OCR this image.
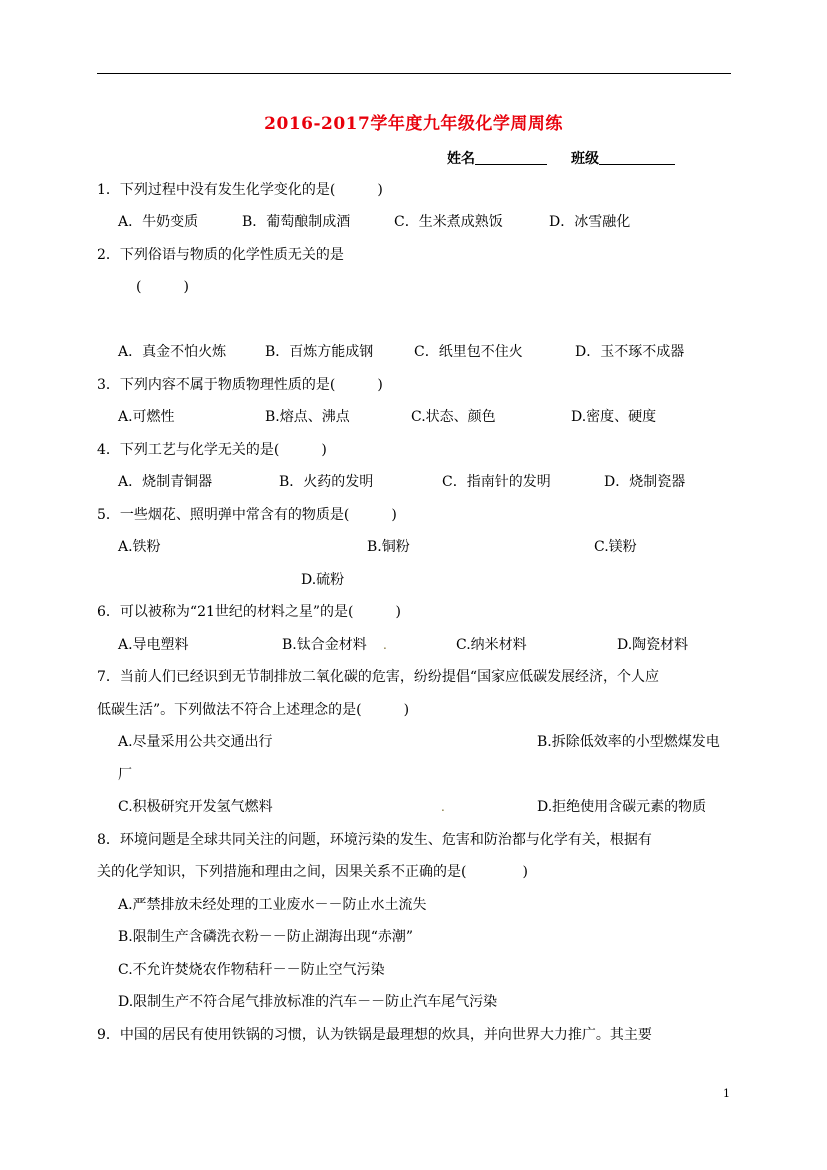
2016-2017学年度九年级化学周周练
姓名	班级
1．下列过程中没有发生化学变化的是(　　　)
A．牛奶变质	B．葡萄酿制成酒	C．生米煮成熟饭	D．冰雪融化
2．下列俗语与物质的化学性质无关的是
(　　　)
A．真金不怕火炼	B．百炼方能成钢	C．纸里包不住火	D．玉不琢不成器
3．下列内容不属于物质物理性质的是(　　　)
A.可燃性	B.熔点、沸点	C.状态、颜色	D.密度、硬度
4．下列工艺与化学无关的是(　　　)
A．烧制青铜器	B．火药的发明	C．指南针的发明	D．烧制瓷器
5．一些烟花、照明弹中常含有的物质是(　　　)
A.铁粉	B.铜粉	C.镁粉
D.硫粉
6．可以被称为“21世纪的材料之星”的是(　　　)
A.导电塑料	B.钛合金材料 .	C.纳米材料	D.陶瓷材料
7．当前人们已经识到无节制排放二氧化碳的危害，纷纷提倡“国家应低碳发展经济，个人应
低碳生活”。下列做法不符合上述理念的是(　　　)
A.尽量采用公共交通出行	B.拆除低效率的小型燃煤发电
厂
C.积极研究开发氢气燃料	.	D.拒绝使用含碳元素的物质
8．环境问题是全球共同关注的问题，环境污染的发生、危害和防治都与化学有关，根据有
关的化学知识，下列措施和理由之间，因果关系不正确的是(　　　　)
A.严禁排放未经处理的工业废水－－防止水土流失
B.限制生产含磷洗衣粉－－防止湖海出现“赤潮”
C.不允许焚烧农作物秸秆－－防止空气污染
D.限制生产不符合尾气排放标准的汽车－－防止汽车尾气污染
9．中国的居民有使用铁锅的习惯，认为铁锅是最理想的炊具，并向世界大力推广。其主要
1
